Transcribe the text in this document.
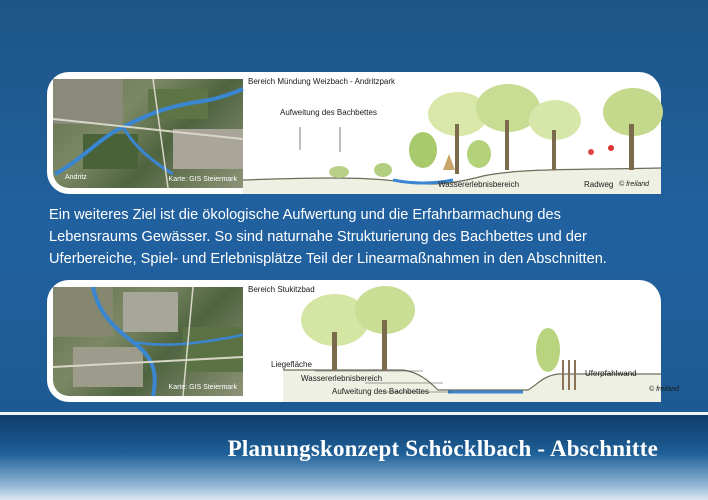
Andritz	Karte: GIS Steiermark
Bereich Mündung Weizbach - Andritzpark
Aufweitung des Bachbettes
Wassererlebnisbereich	Radweg © freiland
Ein weiteres Ziel ist die ökologische Aufwertung und die Erfahrbarmachung des
Lebensraums Gewässer. So sind naturnahe Strukturierung des Bachbettes und der
Uferbereiche, Spiel- und Erlebnisplätze Teil der Linearmaßnahmen in den Abschnitten.
Karte: GIS Steiermark
Bereich Stukitzbad
Liegefläche
Wassererlebnisbereich
Aufweitung des Bachbettes
Uferpfahlwand
© freiland
Planungskonzept Schöcklbach - Abschnitte
